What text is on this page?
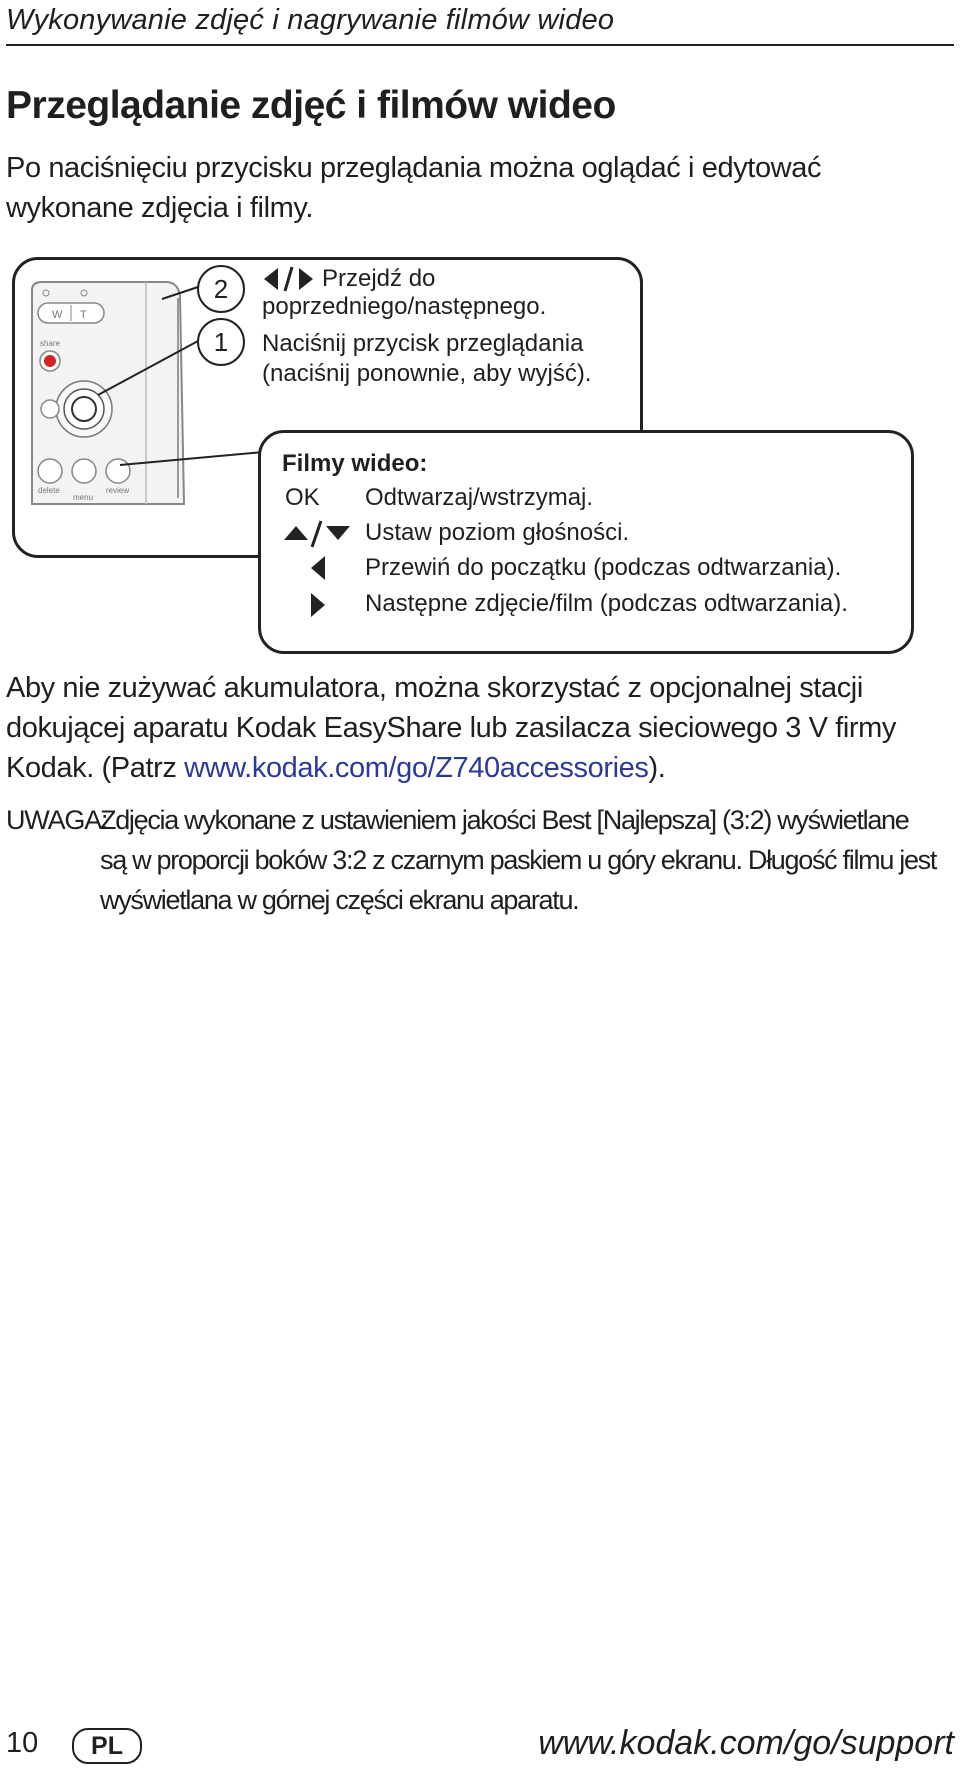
Wykonywanie zdjęć i nagrywanie filmów wideo
Przeglądanie zdjęć i filmów wideo
Po naciśnięciu przycisku przeglądania można oglądać i edytować wykonane zdjęcia i filmy.
W T
share
delete
menu
review
2
1
Przejdź do
poprzedniego/następnego.
Naciśnij przycisk przeglądania
(naciśnij ponownie, aby wyjść).
Filmy wideo:
OK Odtwarzaj/wstrzymaj.
Ustaw poziom głośności.
Przewiń do początku (podczas odtwarzania).
Następne zdjęcie/film (podczas odtwarzania).
Aby nie zużywać akumulatora, można skorzystać z opcjonalnej stacji dokującej aparatu Kodak EasyShare lub zasilacza sieciowego 3 V firmy Kodak. (Patrz www.kodak.com/go/Z740accessories).
UWAGA:
Zdjęcia wykonane z ustawieniem jakości Best [Najlepsza] (3:2) wyświetlane są w proporcji boków 3:2 z czarnym paskiem u góry ekranu. Długość filmu jest wyświetlana w górnej części ekranu aparatu.
10	PL	www.kodak.com/go/support
